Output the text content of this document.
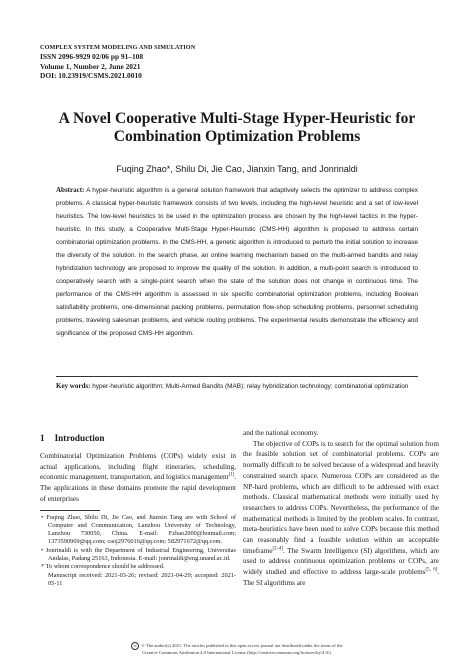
COMPLEX SYSTEM MODELING AND SIMULATION
ISSN 2096-9929 02/06 pp 91–108
Volume 1, Number 2, June 2021
DOI: 10.23919/CSMS.2021.0010
A Novel Cooperative Multi-Stage Hyper-Heuristic for Combination Optimization Problems
Fuqing Zhao*, Shilu Di, Jie Cao, Jianxin Tang, and Jonrinaldi
Abstract: A hyper-heuristic algorithm is a general solution framework that adaptively selects the optimizer to address complex problems. A classical hyper-heuristic framework consists of two levels, including the high-level heuristic and a set of low-level heuristics. The low-level heuristics to be used in the optimization process are chosen by the high-level tactics in the hyper-heuristic. In this study, a Cooperative Multi-Stage Hyper-Heuristic (CMS-HH) algorithm is proposed to address certain combinatorial optimization problems. In the CMS-HH, a genetic algorithm is introduced to perturb the initial solution to increase the diversity of the solution. In the search phase, an online learning mechanism based on the multi-armed bandits and relay hybridization technology are proposed to improve the quality of the solution. In addition, a multi-point search is introduced to cooperatively search with a single-point search when the state of the solution does not change in continuous time. The performance of the CMS-HH algorithm is assessed in six specific combinatorial optimization problems, including Boolean satisfiability problems, one-dimensional packing problems, permutation flow-shop scheduling problems, personnel scheduling problems, traveling salesman problems, and vehicle routing problems. The experimental results demonstrate the efficiency and significance of the proposed CMS-HH algorithm.
Key words: hyper-heuristic algorithm; Multi-Armed Bandits (MAB); relay hybridization technology; combinatorial optimization
1 Introduction

Combinatorial Optimization Problems (COPs) widely exist in actual applications, including flight itineraries, scheduling, economic management, transportation, and logistics management[1]. The applications in these domains promote the rapid development of enterprises

• Fuqing Zhao, Shilu Di, Jie Cao, and Jianxin Tang are with School of Computer and Communication, Lanzhou University of Technology, Lanzhou 730050, China. E-mail: Fzhao2000@hotmail.com; 1373590969@qq.com; caoj2976016@qq.com; 582971672@qq.com.

• Jonrinaldi is with the Department of Industrial Engineering, Universitas Andalas, Padang 25163, Indonesia. E-mail: jonrinaldi@eng.unand.ac.id.

* To whom correspondence should be addressed.

Manuscript received: 2021-03-26; revised: 2021-04-29; accepted: 2021-05-11

and the national economy.

The objective of COPs is to search for the optimal solution from the feasible solution set of combinatorial problems. COPs are normally difficult to be solved because of a widespread and heavily constrained search space. Numerous COPs are considered as the NP-hard problems, which are difficult to be addressed with exact methods. Classical mathematical methods were initially used by researchers to address COPs. Nevertheless, the performance of the mathematical methods is limited by the problem scales. In contrast, meta-heuristics have been used to solve COPs because this method can reasonably find a feasible solution within an acceptable timeframe[2–4]. The Swarm Intelligence (SI) algorithms, which are used to address continuous optimization problems or COPs, are widely studied and effective to address large-scale problems[5, 6]. The SI algorithms are

cc © The author(s) 2021. The articles published in this open access journal are distributed under the terms of the
Creative Commons Attribution 4.0 International License (http://creativecommons.org/licenses/by/4.0/).
